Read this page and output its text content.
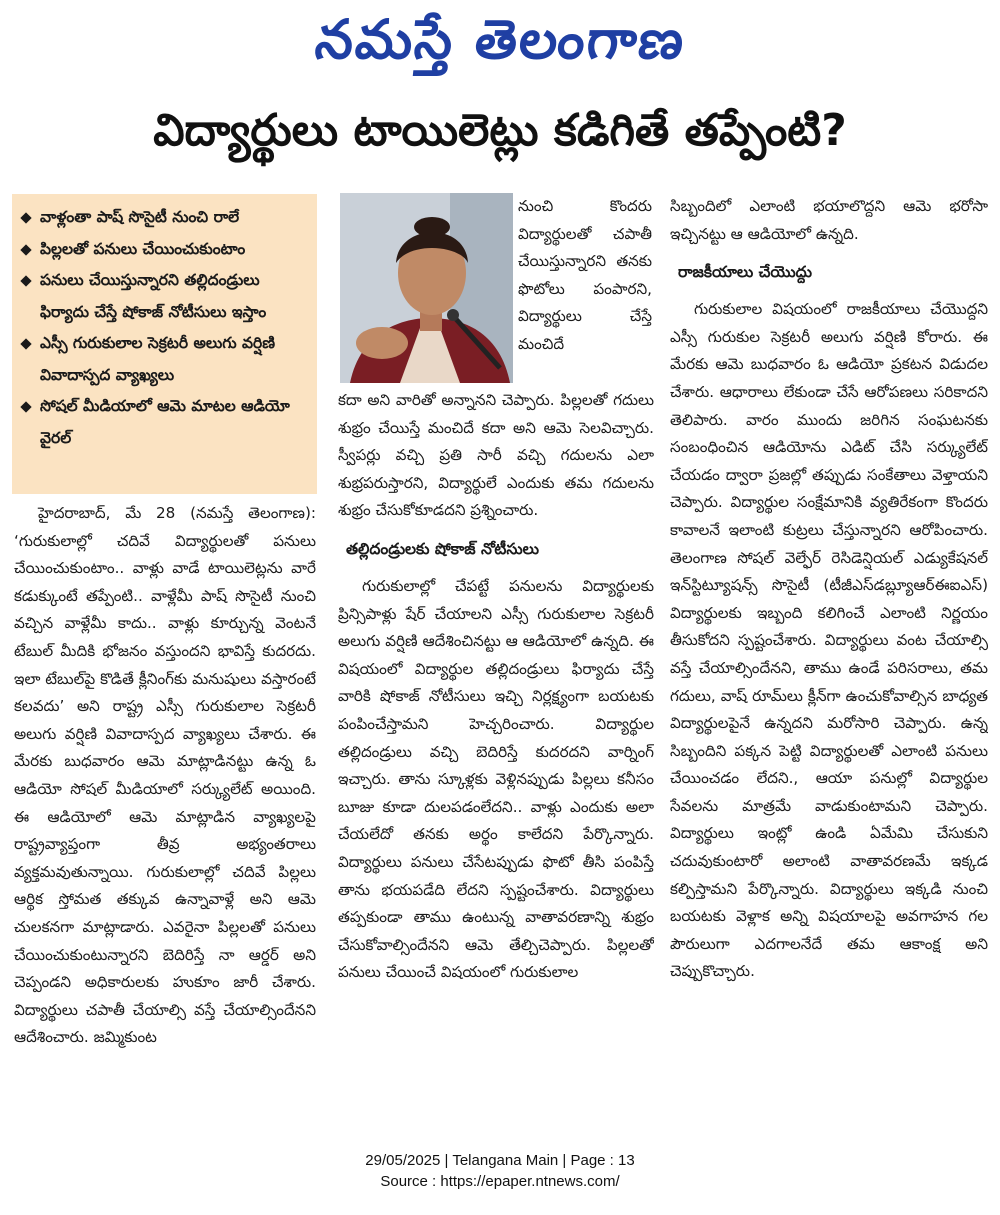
నమస్తే తెలంగాణ
విద్యార్థులు టాయిలెట్లు కడిగితే తప్పేంటి?
వాళ్లంతా పాష్ సొసైటీ నుంచి రాలే
పిల్లలతో పనులు చేయించుకుంటాం
పనులు చేయిస్తున్నారని తల్లిదండ్రులు ఫిర్యాదు చేస్తే షోకాజ్ నోటీసులు ఇస్తాం
ఎస్సీ గురుకులాల సెక్రటరీ అలుగు వర్షిణి వివాదాస్పద వ్యాఖ్యలు
సోషల్ మీడియాలో ఆమె మాటల ఆడియో వైరల్
హైదరాబాద్, మే 28 (నమస్తే తెలంగాణ): ‘గురుకులాల్లో చదివే విద్యార్థులతో పనులు చేయించుకుంటాం.. వాళ్లు వాడే టాయిలెట్లను వారే కడుక్కుంటే తప్పేంటి.. వాళ్లేమీ పాష్ సొసైటీ నుంచి వచ్చిన వాళ్లేమీ కాదు.. వాళ్లు కూర్చున్న వెంటనే టేబుల్ మీదికి భోజనం వస్తుందని భావిస్తే కుదరదు. ఇలా టేబుల్‌పై కొడితే క్లీనింగ్‌కు మనుషులు వస్తారంటే కలవదు’ అని రాష్ట్ర ఎస్సీ గురుకులాల సెక్రటరీ అలుగు వర్షిణి వివాదాస్పద వ్యాఖ్యలు చేశారు. ఈ మేరకు బుధవారం ఆమె మాట్లాడినట్టు ఉన్న ఓ ఆడియో సోషల్ మీడియాలో సర్క్యులేట్ అయింది. ఈ ఆడియోలో ఆమె మాట్లాడిన వ్యాఖ్యలపై రాష్ట్రవ్యాప్తంగా తీవ్ర అభ్యంతరాలు వ్యక్తమవుతున్నాయి. గురుకులాల్లో చదివే పిల్లలు ఆర్థిక స్తోమత తక్కువ ఉన్నావాళ్లే అని ఆమె చులకనగా మాట్లాడారు. ఎవరైనా పిల్లలతో పనులు చేయించుకుంటున్నారని బెదిరిస్తే నా ఆర్డర్ అని చెప్పండని అధికారులకు హుకూం జారీ చేశారు. విద్యార్థులు చపాతీ చేయాల్సి వస్తే చేయాల్సిందేనని ఆదేశించారు. జమ్మికుంట
నుంచి కొందరు విద్యార్థులతో చపాతీ చేయిస్తున్నారని తనకు ఫొటోలు పంపారని, విద్యార్థులు చేస్తే మంచిదే
కదా అని వారితో అన్నానని చెప్పారు. పిల్లలతో గదులు శుభ్రం చేయిస్తే మంచిదే కదా అని ఆమె సెలవిచ్చారు. స్వీపర్లు వచ్చి ప్రతి సారీ వచ్చి గదులను ఎలా శుభ్రపరుస్తారని, విద్యార్థులే ఎందుకు తమ గదులను శుభ్రం చేసుకోకూడదని ప్రశ్నించారు.
తల్లిదండ్రులకు షోకాజ్ నోటీసులు
గురుకులాల్లో చేపట్టే పనులను విద్యార్థులకు ప్రిన్సిపాళ్లు షేర్ చేయాలని ఎస్సీ గురుకులాల సెక్రటరీ అలుగు వర్షిణి ఆదేశించినట్టు ఆ ఆడియోలో ఉన్నది. ఈ విషయంలో విద్యార్థుల తల్లిదండ్రులు ఫిర్యాదు చేస్తే వారికి షోకాజ్ నోటీసులు ఇచ్చి నిర్లక్ష్యంగా బయటకు పంపించేస్తామని హెచ్చరించారు. విద్యార్థుల తల్లిదండ్రులు వచ్చి బెదిరిస్తే కుదరదని వార్నింగ్ ఇచ్చారు. తాను స్కూళ్లకు వెళ్లినప్పుడు పిల్లలు కనీసం బూజు కూడా దులపడంలేదని.. వాళ్లు ఎందుకు అలా చేయలేదో తనకు అర్థం కాలేదని పేర్కొన్నారు. విద్యార్థులు పనులు చేసేటప్పుడు ఫొటో తీసి పంపిస్తే తాను భయపడేది లేదని స్పష్టంచేశారు. విద్యార్థులు తప్పకుండా తాము ఉంటున్న వాతావరణాన్ని శుభ్రం చేసుకోవాల్సిందేనని ఆమె తేల్చిచెప్పారు. పిల్లలతో పనులు చేయించే విషయంలో గురుకులాల
సిబ్బందిలో ఎలాంటి భయాలొద్దని ఆమె భరోసా ఇచ్చినట్టు ఆ ఆడియోలో ఉన్నది.
రాజకీయాలు చేయొద్దు
గురుకులాల విషయంలో రాజకీయాలు చేయొద్దని ఎస్సీ గురుకుల సెక్రటరీ అలుగు వర్షిణి కోరారు. ఈ మేరకు ఆమె బుధవారం ఓ ఆడియో ప్రకటన విడుదల చేశారు. ఆధారాలు లేకుండా చేసే ఆరోపణలు సరికాదని తెలిపారు. వారం ముందు జరిగిన సంఘటనకు సంబంధించిన ఆడియోను ఎడిట్ చేసి సర్క్యులేట్ చేయడం ద్వారా ప్రజల్లో తప్పుడు సంకేతాలు వెళ్తాయని చెప్పారు. విద్యార్థుల సంక్షేమానికి వ్యతిరేకంగా కొందరు కావాలనే ఇలాంటి కుట్రలు చేస్తున్నారని ఆరోపించారు. తెలంగాణ సోషల్ వెల్ఫేర్ రెసిడెన్షియల్ ఎడ్యుకేషనల్ ఇన్‌స్టిట్యూషన్స్ సొసైటీ (టీజీఎస్‌డబ్ల్యూఆర్‌ఈఐఎస్) విద్యార్థులకు ఇబ్బంది కలిగించే ఎలాంటి నిర్ణయం తీసుకోదని స్పష్టంచేశారు. విద్యార్థులు వంట చేయాల్సి వస్తే చేయాల్సిందేనని, తాము ఉండే పరిసరాలు, తమ గదులు, వాష్ రూమ్‌లు క్లీన్‌గా ఉంచుకోవాల్సిన బాధ్యత విద్యార్థులపైనే ఉన్నదని మరోసారి చెప్పారు. ఉన్న సిబ్బందిని పక్కన పెట్టి విద్యార్థులతో ఎలాంటి పనులు చేయించడం లేదని., ఆయా పనుల్లో విద్యార్థుల సేవలను మాత్రమే వాడుకుంటామని చెప్పారు. విద్యార్థులు ఇంట్లో ఉండి ఏమేమి చేసుకుని చదువుకుంటారో అలాంటి వాతావరణమే ఇక్కడ కల్పిస్తామని పేర్కొన్నారు. విద్యార్థులు ఇక్కడి నుంచి బయటకు వెళ్లాక అన్ని విషయాలపై అవగాహన గల పౌరులుగా ఎదగాలనేదే తమ ఆకాంక్ష అని చెప్పుకొచ్చారు.
29/05/2025 | Telangana Main | Page : 13
Source : https://epaper.ntnews.com/
